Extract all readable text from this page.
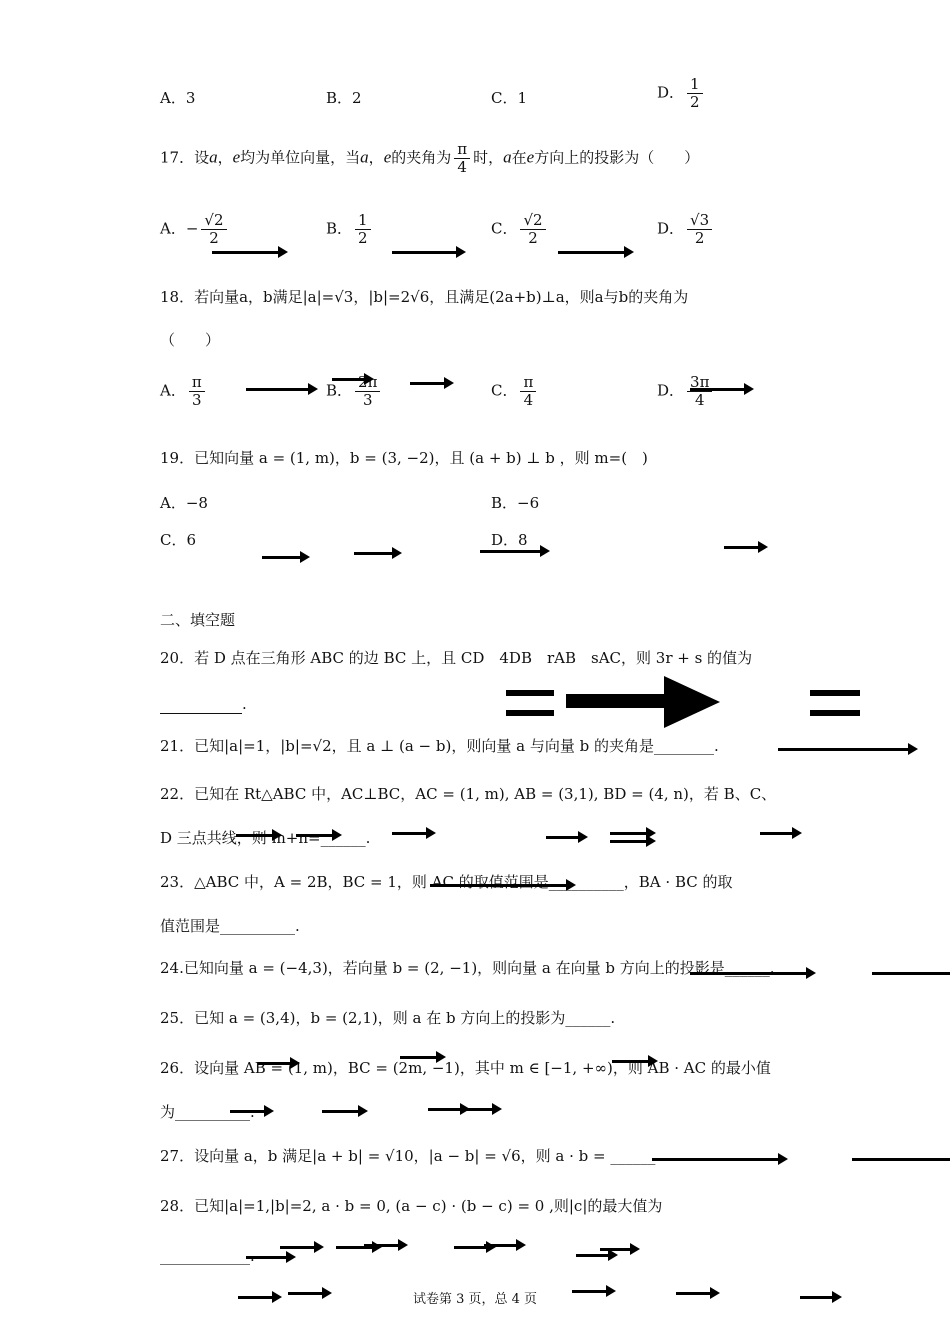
A．3	B．2	C．1	D． $\frac{1}{2}$
17．设a，e均为单位向量，当a，e的夹角为 $\frac{\pi}{4}$ 时，a在e方向上的投影为（　　）
A．− $\frac{√2}{2}$	B． $\frac{1}{2}$	C． $\frac{√2}{2}$	D． $\frac{√3}{2}$
18．若向量a，b满足|a|=√3，|b|=2√6，且满足(2a+b)⊥a，则a与b的夹角为
（　　）
A． $\frac{\pi}{3}$	B． $\frac{2\pi}{3}$	C． $\frac{\pi}{4}$	D． $\frac{3\pi}{4}$
19．已知向量 a = (1, m)，b = (3, −2)，且 (a + b) ⊥ b ，则 m=(　)
A．−8	B．−6
C．6	D．8
二、填空题
20．若 D 点在三角形 ABC 的边 BC 上，且 CD　4DB　rAB　sAC，则 3r + s 的值为
.
21．已知|a|=1，|b|=√2，且 a ⊥ (a − b)，则向量 a 与向量 b 的夹角是________.
22．已知在 Rt△ABC 中，AC⊥BC，AC = (1, m), AB = (3,1), BD = (4, n)，若 B、C、
D 三点共线，则 m+n=______.
23．△ABC 中，A = 2B，BC = 1，则 AC 的取值范围是__________，BA · BC 的取
值范围是__________.
24.已知向量 a = (−4,3)，若向量 b = (2, −1)，则向量 a 在向量 b 方向上的投影是______.
25．已知 a = (3,4)，b = (2,1)，则 a 在 b 方向上的投影为______.
26．设向量 AB = (1, m)，BC = (2m, −1)，其中 m ∈ [−1, +∞)，则 AB · AC 的最小值
为__________.
27．设向量 a，b 满足|a + b| = √10，|a − b| = √6，则 a · b = ______
28．已知|a|=1,|b|=2, a · b = 0, (a − c) · (b − c) = 0 ,则|c|的最大值为
____________.
试卷第 3 页，总 4 页
